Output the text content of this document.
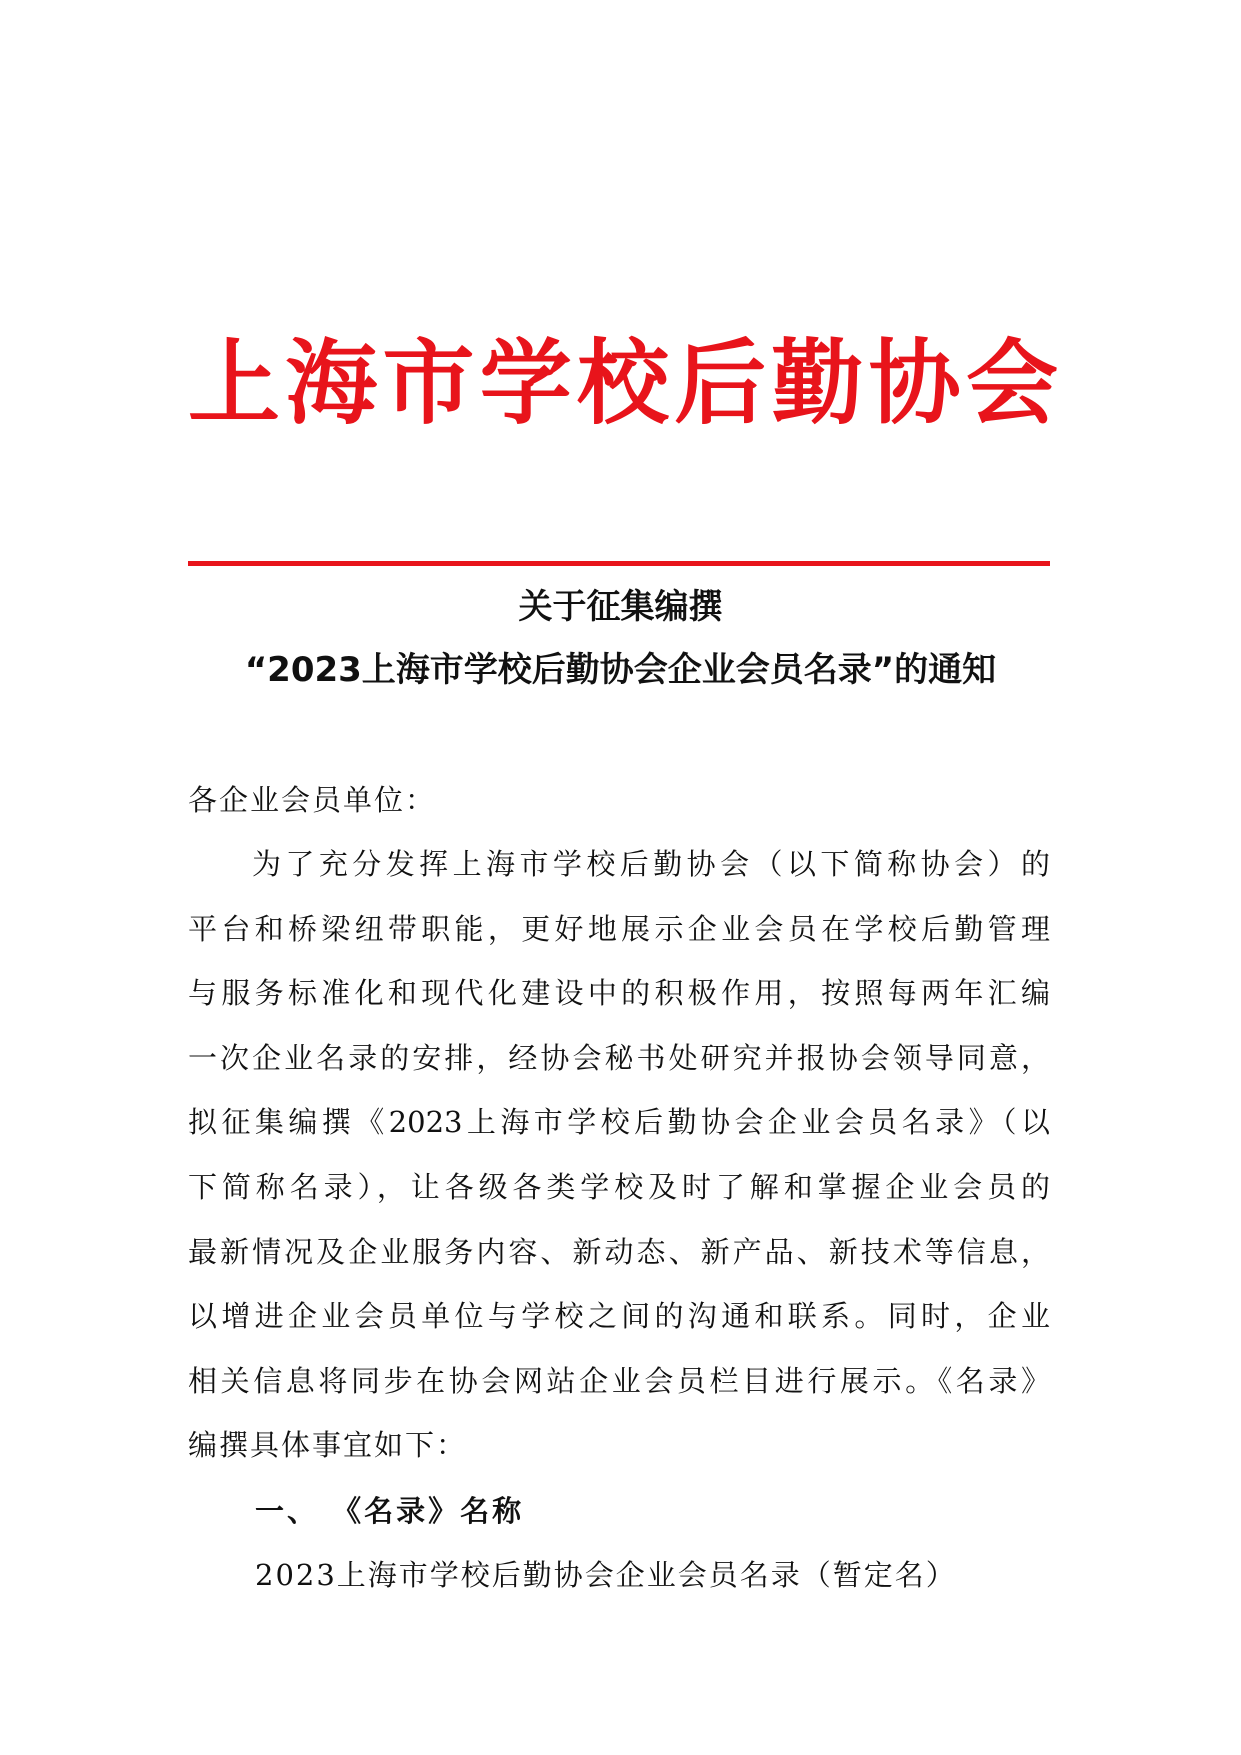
上海市学校后勤协会
关于征集编撰
“2023上海市学校后勤协会企业会员名录”的通知
各企业会员单位：
为了充分发挥上海市学校后勤协会（以下简称协会）的
平台和桥梁纽带职能，更好地展示企业会员在学校后勤管理
与服务标准化和现代化建设中的积极作用，按照每两年汇编
一次企业名录的安排，经协会秘书处研究并报协会领导同意，
拟征集编撰《2023上海市学校后勤协会企业会员名录》（以
下简称名录），让各级各类学校及时了解和掌握企业会员的
最新情况及企业服务内容、新动态、新产品、新技术等信息，
以增进企业会员单位与学校之间的沟通和联系。同时，企业
相关信息将同步在协会网站企业会员栏目进行展示。《名录》
编撰具体事宜如下：
一、 《名录》名称
2023上海市学校后勤协会企业会员名录（暂定名）
